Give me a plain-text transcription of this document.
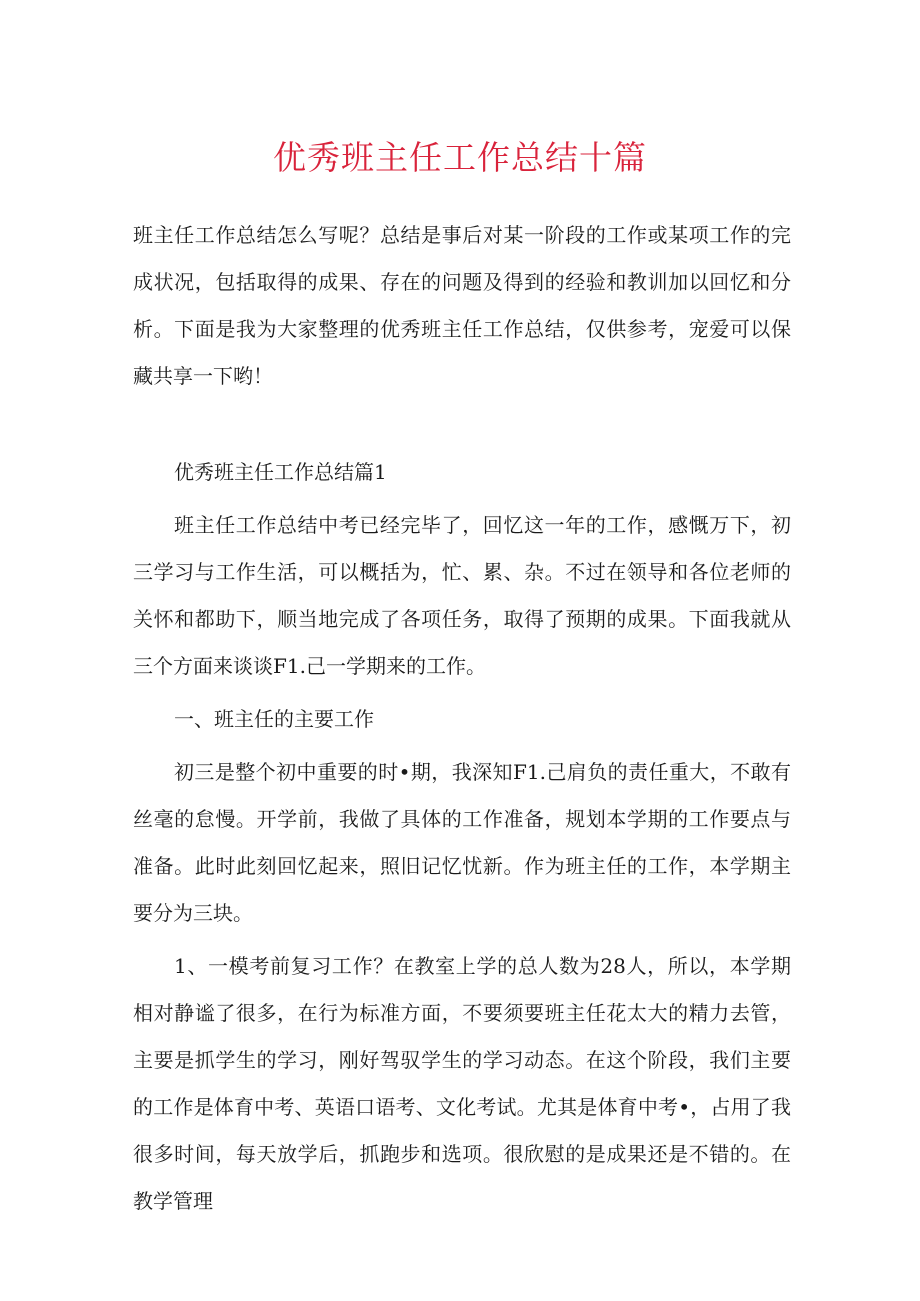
优秀班主任工作总结十篇

班主任工作总结怎么写呢？总结是事后对某一阶段的工作或某项工作的完成状况，包括取得的成果、存在的问题及得到的经验和教训加以回忆和分析。下面是我为大家整理的优秀班主任工作总结，仅供参考，宠爱可以保藏共享一下哟！

优秀班主任工作总结篇1

班主任工作总结中考已经完毕了，回忆这一年的工作，感慨万下，初三学习与工作生活，可以概括为，忙、累、杂。不过在领导和各位老师的关怀和都助下，顺当地完成了各项任务，取得了预期的成果。下面我就从三个方面来谈谈F1.己一学期来的工作。

一、班主任的主要工作

初三是整个初中重要的时•期，我深知F1.己肩负的责任重大，不敢有丝毫的怠慢。开学前，我做了具体的工作准备，规划本学期的工作要点与准备。此时此刻回忆起来，照旧记忆忧新。作为班主任的工作，本学期主要分为三块。

1、一模考前复习工作？在教室上学的总人数为28人，所以，本学期相对静谧了很多，在行为标准方面，不要须要班主任花太大的精力去管，主要是抓学生的学习，刚好驾驭学生的学习动态。在这个阶段，我们主要的工作是体育中考、英语口语考、文化考试。尤其是体育中考•，占用了我很多时间，每天放学后，抓跑步和选项。很欣慰的是成果还是不错的。在教学管理
